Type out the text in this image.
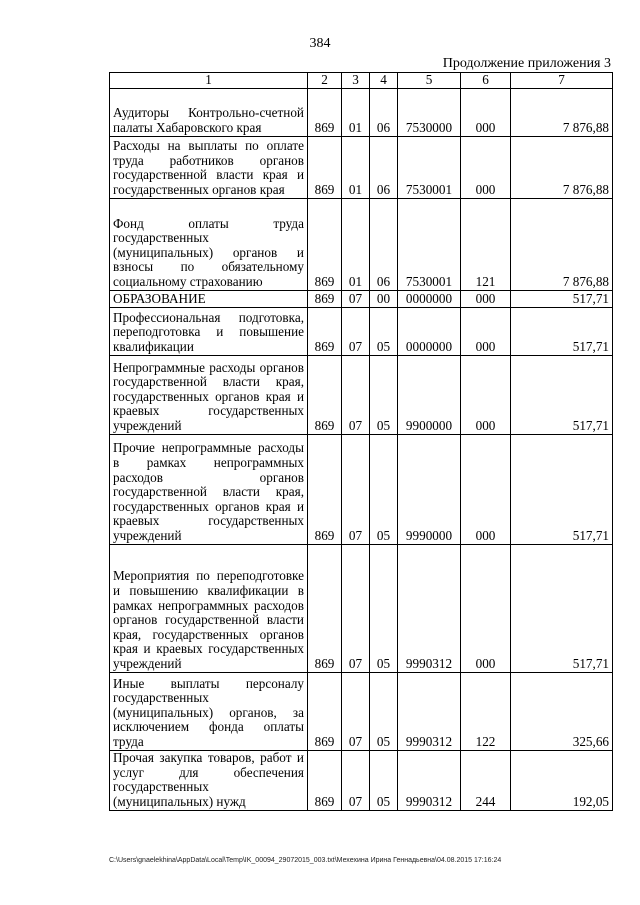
384
Продолжение приложения 3
1	2	3	4	5	6	7
Аудиторы Контрольно-счетной палаты Хабаровского края	869	01	06	7530000	000	7 876,88
Расходы на выплаты по оплате труда работников органов государственной власти края и государственных органов края	869	01	06	7530001	000	7 876,88
Фонд оплаты труда государственных (муниципальных) органов и взносы по обязательному социальному страхованию	869	01	06	7530001	121	7 876,88
ОБРАЗОВАНИЕ	869	07	00	0000000	000	517,71
Профессиональная подготовка, переподготовка и повышение квалификации	869	07	05	0000000	000	517,71
Непрограммные расходы органов государственной власти края, государственных органов края и краевых государственных учреждений	869	07	05	9900000	000	517,71
Прочие непрограммные расходы в рамках непрограммных расходов органов государственной власти края, государственных органов края и краевых государственных учреждений	869	07	05	9990000	000	517,71
Мероприятия по переподготовке и повышению квалификации в рамках непрограммных расходов органов государственной власти края, государственных органов края и краевых государственных учреждений	869	07	05	9990312	000	517,71
Иные выплаты персоналу государственных (муниципальных) органов, за исключением фонда оплаты труда	869	07	05	9990312	122	325,66
Прочая закупка товаров, работ и услуг для обеспечения государственных (муниципальных) нужд	869	07	05	9990312	244	192,05
C:\Users\gnaelekhina\AppData\Local\Temp\IK_00094_29072015_003.txt\Мехехина Ирина Геннадьевна\04.08.2015 17:16:24
